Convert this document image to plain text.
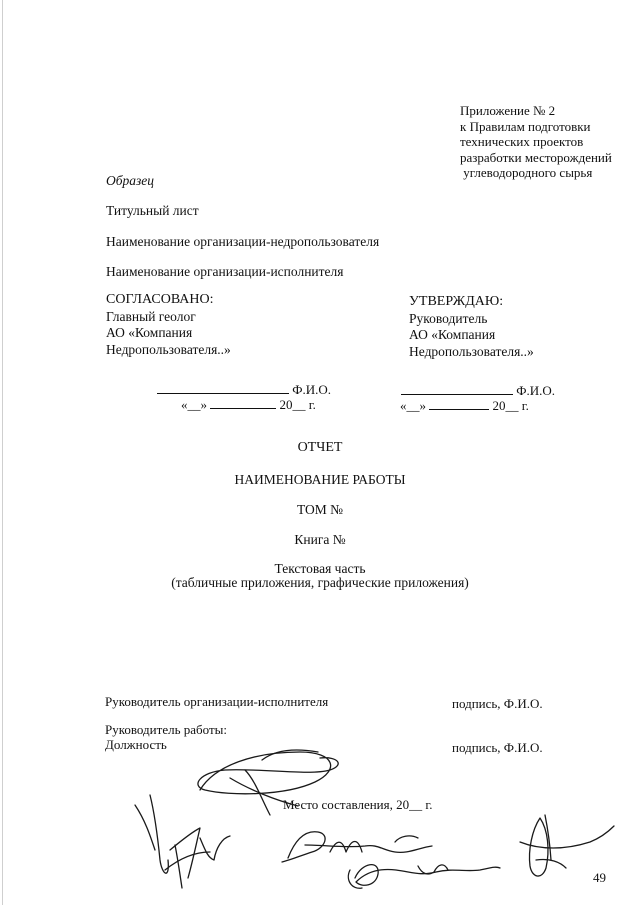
Приложение № 2
к Правилам подготовки
технических проектов
разработки месторождений
углеводородного сырья
Образец
Титульный лист
Наименование организации-недропользователя
Наименование организации-исполнителя
СОГЛАСОВАНО:
Главный геолог
АО «Компания
Недропользователя..»
УТВЕРЖДАЮ:
Руководитель
АО «Компания
Недропользователя..»
Ф.И.О.
«__»	20__ г.
Ф.И.О.
«__»	20__ г.
ОТЧЕТ
НАИМЕНОВАНИЕ РАБОТЫ
ТОМ №
Книга №
Текстовая часть
(табличные приложения, графические приложения)
Руководитель организации-исполнителя	подпись, Ф.И.О.
Руководитель работы:
Должность	подпись, Ф.И.О.
Место составления, 20__ г.
49
